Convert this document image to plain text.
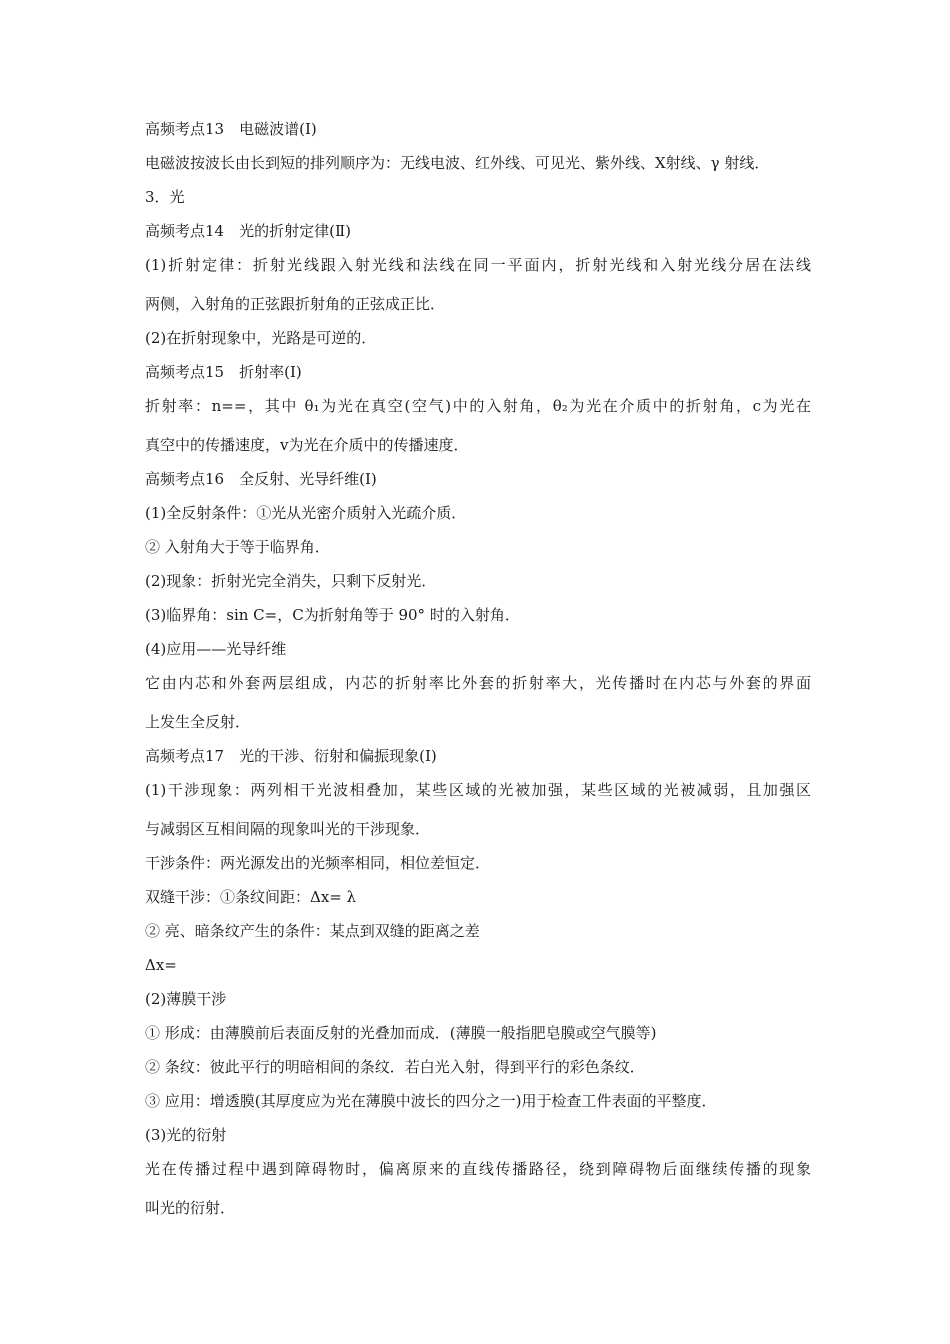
高频考点13　电磁波谱(Ⅰ)
电磁波按波长由长到短的排列顺序为：无线电波、红外线、可见光、紫外线、X射线、γ 射线．
3．光
高频考点14　光的折射定律(Ⅱ)
(1)折射定律：折射光线跟入射光线和法线在同一平面内，折射光线和入射光线分居在法线
两侧，入射角的正弦跟折射角的正弦成正比．
(2)在折射现象中，光路是可逆的．
高频考点15　折射率(Ⅰ)
折射率：n==，其中 θ₁为光在真空(空气)中的入射角，θ₂为光在介质中的折射角，c为光在
真空中的传播速度，v为光在介质中的传播速度．
高频考点16　全反射、光导纤维(Ⅰ)
(1)全反射条件：①光从光密介质射入光疏介质．
② 入射角大于等于临界角．
(2)现象：折射光完全消失，只剩下反射光．
(3)临界角：sin C=，C为折射角等于 90° 时的入射角．
(4)应用——光导纤维
它由内芯和外套两层组成，内芯的折射率比外套的折射率大，光传播时在内芯与外套的界面
上发生全反射．
高频考点17　光的干涉、衍射和偏振现象(Ⅰ)
(1)干涉现象：两列相干光波相叠加，某些区域的光被加强，某些区域的光被减弱，且加强区
与减弱区互相间隔的现象叫光的干涉现象．
干涉条件：两光源发出的光频率相同，相位差恒定．
双缝干涉：①条纹间距：Δx= λ
② 亮、暗条纹产生的条件：某点到双缝的距离之差
Δx=
(2)薄膜干涉
① 形成：由薄膜前后表面反射的光叠加而成．(薄膜一般指肥皂膜或空气膜等)
② 条纹：彼此平行的明暗相间的条纹．若白光入射，得到平行的彩色条纹．
③ 应用：增透膜(其厚度应为光在薄膜中波长的四分之一)用于检查工件表面的平整度．
(3)光的衍射
光在传播过程中遇到障碍物时，偏离原来的直线传播路径，绕到障碍物后面继续传播的现象
叫光的衍射．
